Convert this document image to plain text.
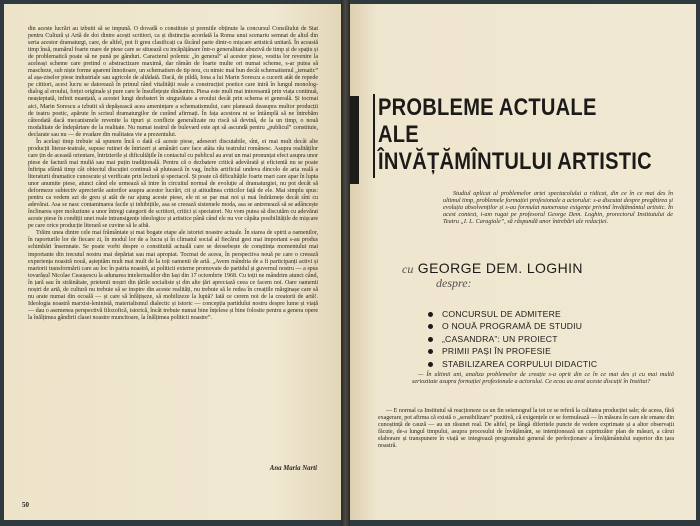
din aceste lucrări au izbutit să se impună. O dovadă o constituie și premiile obținute la concursul Consiliului de Stat pentru Cultură și Artă de doi dintre acești scriitori, ca și distincția acordată la Roma unui scenariu semnat de altul din seria acestor dramaturgi, care, de altfel, pot fi greu clasificați ca făcând parte dintr-o mișcare artistică unitară. În această timp însă, numărul foarte mare de piese care se situează cu incăpățânare într-o generalitate abuzivă de timp și de spațiu și de problematică poate să ne pună pe gânduri. Caracterul polemic „în general” al acestor piese, vestita lor revenire la aceleași scheme care pretind o abstractizare maximă, dar rămân de foarte multe ori numai scheme, s-ar putea să mascheze, sub niște forme aparent înnoitoare, un schematism de tip nou, cu nimic mai bun decât schematismul „tematic” al așa-ziselor piese industriale sau agricole de altădată. Dacă, de pildă, Iona a lui Marin Sorescu a cucerit atât de repede pe cititori, acest lucru se datorează în primul rând vitalității reale a construcției poetice care intră în lungul monolog-dialog al eroului, forței originale și pure care le însuflețește dinăuntru. Piesa este mult mai interesantă prin viața continuă, neașteptată, infinit nuanțată, a acestei lungi dezbateri în singurătate a eroului decât prin schema ei generală. Și tocmai aici, Marin Sorescu a izbutit să depășească acea amenințare a schematismului, care planează deasupra multor producții de teatru poetic, apărute în scrisul dramaturgilor de curând afirmați. În fața acestora ni se întâmplă să ne întrebăm câteodată dacă mecanismele revenite la tipuri și conflicte generalizate nu riscă să devină, de la un timp, o nouă modalitate de îndepărtare de la realitate. Nu numai teatrul de bulevard este apt să ascundă pentru „publicul” constituie, declarate sau nu — de evadare din realitatea vie a prezentului.

În același timp trebuie să spunem încă o dată că aceste piese, adeseori discutabile, sînt, ei mai mult decât alte producții literar-teatrale, supuse rutinei de întrizeri și amânări care face atâta rău teatrului românesc. Asupra realităților care țin de această orientare, întrizierile și dificultățile în contactul cu publicul au avut un mai pronunțat efect asupra unor piese de factură mai multă sau mai puțin tradițională. Pentru că o dezbatere critică adevărată și eficientă nu se poate înfiripa sfântă timp cât obiectul discuției continuă să plutească în vag, închis artificial undeva dincolo de aria reală a literaturii dramatice cunoscute și verificate prin lectură și spectacol. Și poate că dificultățile foarte mari care apar în lupta unor anumite piese, atunci când ele urmează să intre în circuitul normal de evoluție al dramaturgiei, nu pot decât să deformeze subiectiv aprecierile autorilor asupra acestor lucrări, cit și atitudinea criticilor față de ele. Mai simplu spus: pentru ca vedem azi de greu și atât de rar ajung aceste piese, ele ni se par mai noi și mai îndrăznețe decât sînt cu adevărat. Asa se nasc contaminarea facile și inhibițiile, asa se creează sistemele moda, asa se antrenează să se adâncește înclinarea spre moluziune a unor întregi categorii de scriitori, critici și spectatori. Nu vom putea să discutăm cu adevărat aceste piese în condiții unei reale intransigențe ideologice și artistice până când ele nu vor căpăta posibilitățile de mișcare pe care orice producție literară se cuvine să le aibă.

Trăim unea dintre cele mai frământate și mai bogate etape ale istoriei noastre actuale. În starea de spirit a oamenilor, în raporturile lor de fiecare zi, în modul lor de a lucra și în climatul social al fiecărui gest mai important s-au produs schimbări însemnate. Se poate vorbi despre o constituită actuală care se deosebește de conștiința momentului mai importante din trecutul nostru mai depărtat sau mai apropiat. Tocmai de aceea, în perspectiva nouă pe care o creează experiența noastră nouă, așteptăm mult mai mult de la toți oamenii de artă. „Avem mândria de a fi participanți activi și martorii transformării care au loc în patria noastră, ai politicii externe promovate de partidul și guvernul nostru — a spus tovarășul Nicolae Ceaușescu la adunarea intelectualilor din Iași din 17 octombrie 1968. Cu toții ne mândrim atunci când, în țară sau în străinătate, prietenii noștri din țările socialiste și din alte țări apreciază ceea ce facem noi. Oare oamenii noștri de artă, de cultură nu trebuie să se inspire din aceste realități, nu trebuie să le redea în creațiile mărginașe care să nu arate numai din ocoală — și care să înfățișeze, să mobilizeze la luptă? Iată ce cerem noi de la creatorii de artă!. Ideologia noastră marxist-leninistă, materialismul dialectic și istoric — concepția partidului nostru despre lume și viață — dau o asemenea perspectivă filozofică, istorică, încât trebuie numai bine înțelese și bine folosite pentru a genera opere la înălțimea gândirii clasei noastre muncitoare, la înălțimea politicii noastre”.

Ana Maria Narti
50
PROBLEME ACTUALE
ALE
ÎNVĂȚĂMÎNTULUI ARTISTIC

Studiul aplicat al problemelor artei spectacolului a ridicat, din ce în ce mai des în ultimul timp, problemele formației profesionale a actorului: s-a discutat despre pregătirea și evoluția absolvenților și s-au formulat numeroase exigențe privind învățământul artistic. În acest context, i-am rugat pe profesorul George Dem. Loghin, prorectorul Institutului de Teatru „I. L. Caragiale”, să răspundă unor întrebări ale redacției.

cu GEORGE DEM. LOGHIN
despre:
CONCURSUL DE ADMITERE
O NOUĂ PROGRAMĂ DE STUDIU
„CASANDRA”: UN PROIECT
PRIMII PAȘI ÎN PROFESIE
STABILIZAREA CORPULUI DIDACTIC

— În ultimii ani, analiza problemelor de creație s-a oprit din ce în ce mai des și cu mai multă seriozitate asupra formației profesionale a actorului. Ce ecou au avut aceste discuții în Institut?

— E normal ca Institutul să reacționeze ca un fin seismograf la tot ce se referă la calitatea producției sale; de aceea, fără exagerare, pot afirma că există o „sensibilizare” pozitivă, că exigențele ce se formulează — în măsura în care ele emane din cunoștință de cauză — au un răsunet real. De altfel, pe lângă diferitele puncte de vedere exprimate și a altor observații făcute, de-a lungul timpului, asupra procesului de învățământ, se intenționează un cuprinzător plan de măsuri, a cărui elaborare și transpunere în viață se integrează programului general de perfecționare a învățământului superior din țara noastră.
